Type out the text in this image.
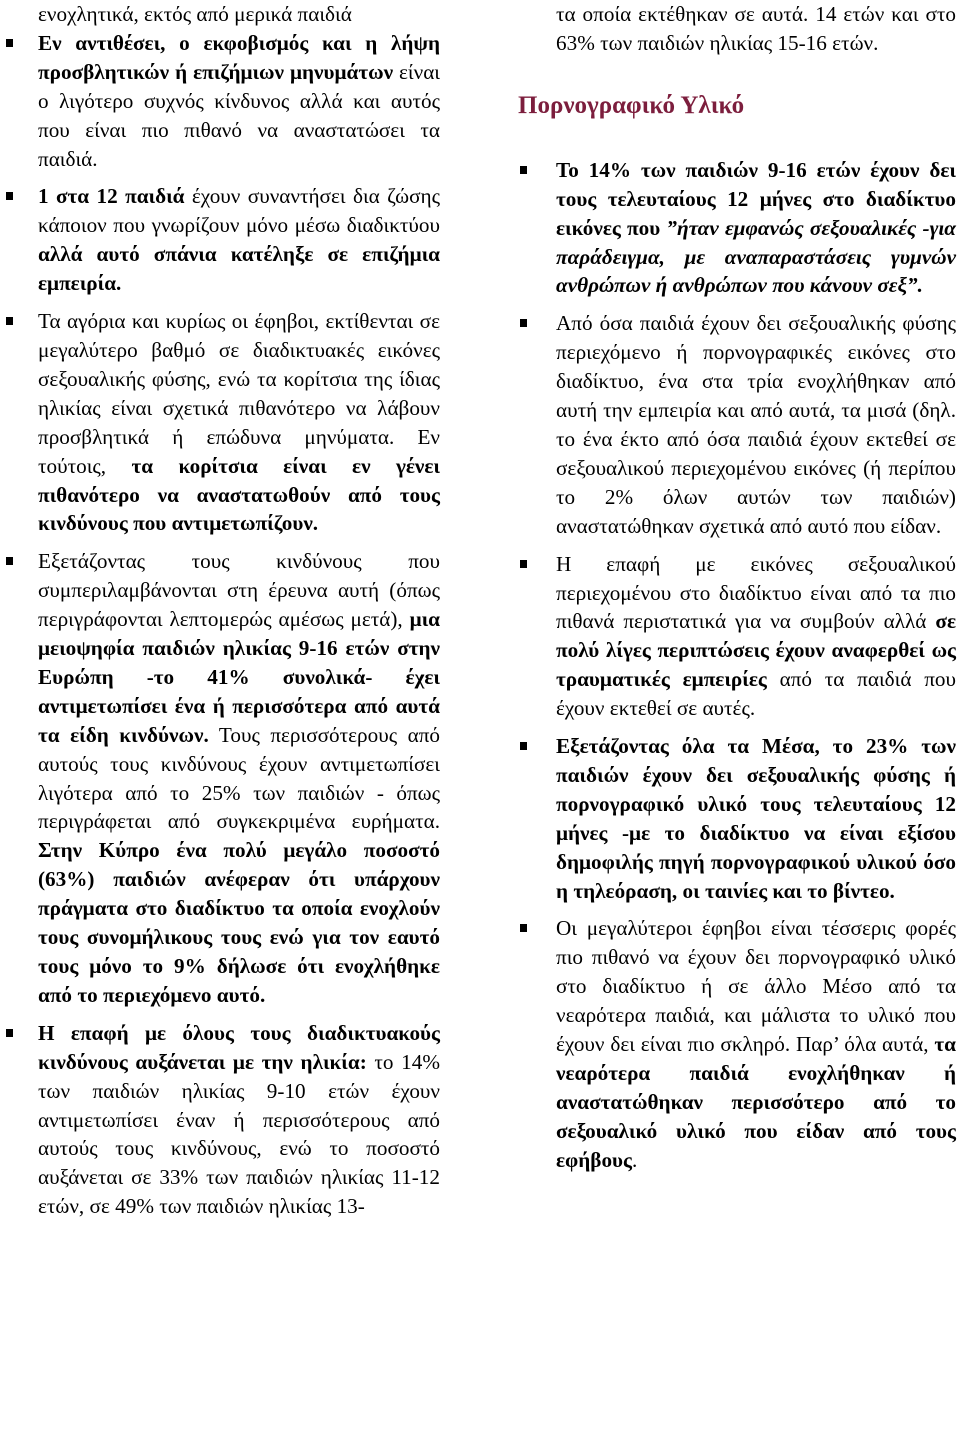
ενοχλητικά, εκτός από μερικά παιδιά

Εν αντιθέσει, ο εκφοβισμός και η λήψη προσβλητικών ή επιζήμιων μηνυμάτων είναι ο λιγότερο συχνός κίνδυνος αλλά και αυτός που είναι πιο πιθανό να αναστατώσει τα παιδιά.

1 στα 12 παιδιά έχουν συναντήσει δια ζώσης κάποιον που γνωρίζουν μόνο μέσω διαδικτύου αλλά αυτό σπάνια κατέληξε σε επιζήμια εμπειρία.

Τα αγόρια και κυρίως οι έφηβοι, εκτίθενται σε μεγαλύτερο βαθμό σε διαδικτυακές εικόνες σεξουαλικής φύσης, ενώ τα κορίτσια της ίδιας ηλικίας είναι σχετικά πιθανότερο να λάβουν προσβλητικά ή επώδυνα μηνύματα. Εν τούτοις, τα κορίτσια είναι εν γένει πιθανότερο να αναστατωθούν από τους κινδύνους που αντιμετωπίζουν.

Εξετάζοντας τους κινδύνους που συμπεριλαμβάνονται στη έρευνα αυτή (όπως περιγράφονται λεπτομερώς αμέσως μετά), μια μειοψηφία παιδιών ηλικίας 9-16 ετών στην Ευρώπη -το 41% συνολικά- έχει αντιμετωπίσει ένα ή περισσότερα από αυτά τα είδη κινδύνων. Τους περισσότερους από αυτούς τους κινδύνους έχουν αντιμετωπίσει λιγότερα από το 25% των παιδιών - όπως περιγράφεται από συγκεκριμένα ευρήματα. Στην Κύπρο ένα πολύ μεγάλο ποσοστό (63%) παιδιών ανέφεραν ότι υπάρχουν πράγματα στο διαδίκτυο τα οποία ενοχλούν τους συνομήλικους τους ενώ για τον εαυτό τους μόνο το 9% δήλωσε ότι ενοχλήθηκε από το περιεχόμενο αυτό.

Η επαφή με όλους τους διαδικτυακούς κινδύνους αυξάνεται με την ηλικία: το 14% των παιδιών ηλικίας 9-10 ετών έχουν αντιμετωπίσει έναν ή περισσότερους από αυτούς τους κινδύνους, ενώ το ποσοστό αυξάνεται σε 33% των παιδιών ηλικίας 11-12 ετών, σε 49% των παιδιών ηλικίας 13-

τα οποία εκτέθηκαν σε αυτά. 14 ετών και στο 63% των παιδιών ηλικίας 15-16 ετών.

Πορνογραφικό Υλικό

Το 14% των παιδιών 9-16 ετών έχουν δει τους τελευταίους 12 μήνες στο διαδίκτυο εικόνες που ”ήταν εμφανώς σεξουαλικές -για παράδειγμα, με αναπαραστάσεις γυμνών ανθρώπων ή ανθρώπων που κάνουν σεξ”.

Από όσα παιδιά έχουν δει σεξουαλικής φύσης περιεχόμενο ή πορνογραφικές εικόνες στο διαδίκτυο, ένα στα τρία ενοχλήθηκαν από αυτή την εμπειρία και από αυτά, τα μισά (δηλ. το ένα έκτο από όσα παιδιά έχουν εκτεθεί σε σεξουαλικού περιεχομένου εικόνες (ή περίπου το 2% όλων αυτών των παιδιών) αναστατώθηκαν σχετικά από αυτό που είδαν.

Η επαφή με εικόνες σεξουαλικού περιεχομένου στο διαδίκτυο είναι από τα πιο πιθανά περιστατικά για να συμβούν αλλά σε πολύ λίγες περιπτώσεις έχουν αναφερθεί ως τραυματικές εμπειρίες από τα παιδιά που έχουν εκτεθεί σε αυτές.

Εξετάζοντας όλα τα Μέσα, το 23% των παιδιών έχουν δει σεξουαλικής φύσης ή πορνογραφικό υλικό τους τελευταίους 12 μήνες -με το διαδίκτυο να είναι εξίσου δημοφιλής πηγή πορνογραφικού υλικού όσο η τηλεόραση, οι ταινίες και το βίντεο.

Οι μεγαλύτεροι έφηβοι είναι τέσσερις φορές πιο πιθανό να έχουν δει πορνογραφικό υλικό στο διαδίκτυο ή σε άλλο Μέσο από τα νεαρότερα παιδιά, και μάλιστα το υλικό που έχουν δει είναι πιο σκληρό. Παρ’ όλα αυτά, τα νεαρότερα παιδιά ενοχλήθηκαν ή αναστατώθηκαν περισσότερο από το σεξουαλικό υλικό που είδαν από τους εφήβους.
